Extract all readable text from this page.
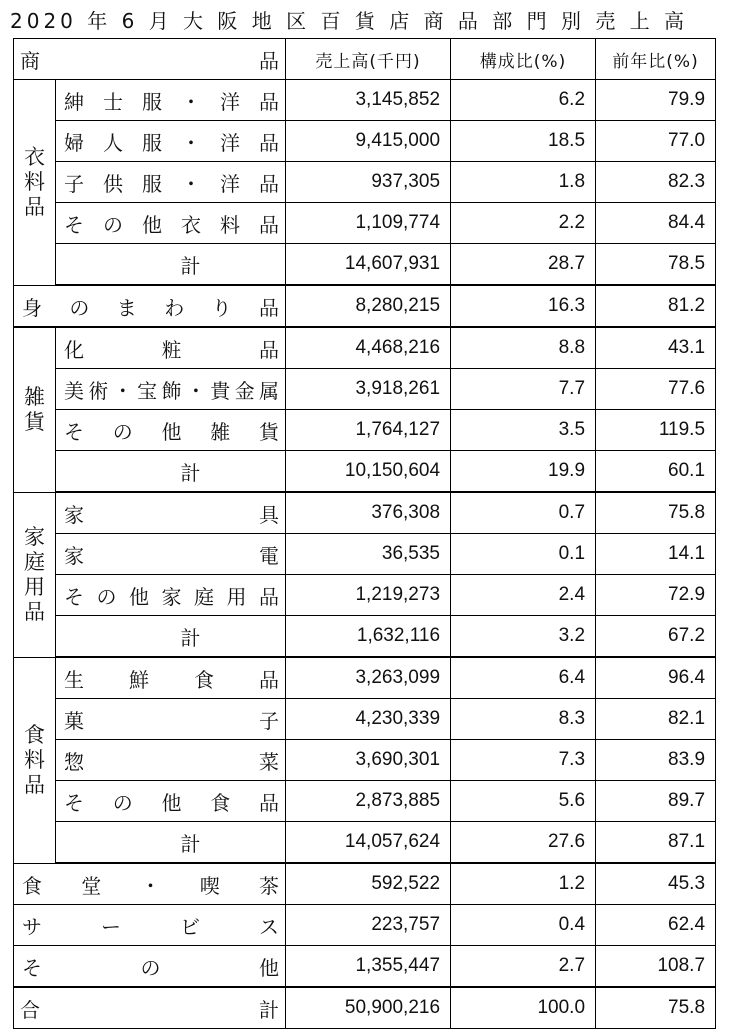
2020 年 6 月 大 阪 地 区 百 貨 店 商 品 部 門 別 売 上 高
商 品		売上高(千円)	構成比(%)	前年比(%)
衣料品	紳士服・洋品	3,145,852	6.2	79.9
	婦人服・洋品	9,415,000	18.5	77.0
	子供服・洋品	937,305	1.8	82.3
	その他衣料品	1,109,774	2.2	84.4
	計	14,607,931	28.7	78.5
身のまわり品		8,280,215	16.3	81.2
雑貨	化粧品	4,468,216	8.8	43.1
	美術・宝飾・貴金属	3,918,261	7.7	77.6
	その他雑貨	1,764,127	3.5	119.5
	計	10,150,604	19.9	60.1
家庭用品	家具	376,308	0.7	75.8
	家電	36,535	0.1	14.1
	その他家庭用品	1,219,273	2.4	72.9
	計	1,632,116	3.2	67.2
食料品	生鮮食品	3,263,099	6.4	96.4
	菓子	4,230,339	8.3	82.1
	惣菜	3,690,301	7.3	83.9
	その他食品	2,873,885	5.6	89.7
	計	14,057,624	27.6	87.1
食堂・喫茶		592,522	1.2	45.3
サービス		223,757	0.4	62.4
その他		1,355,447	2.7	108.7
合 計		50,900,216	100.0	75.8
